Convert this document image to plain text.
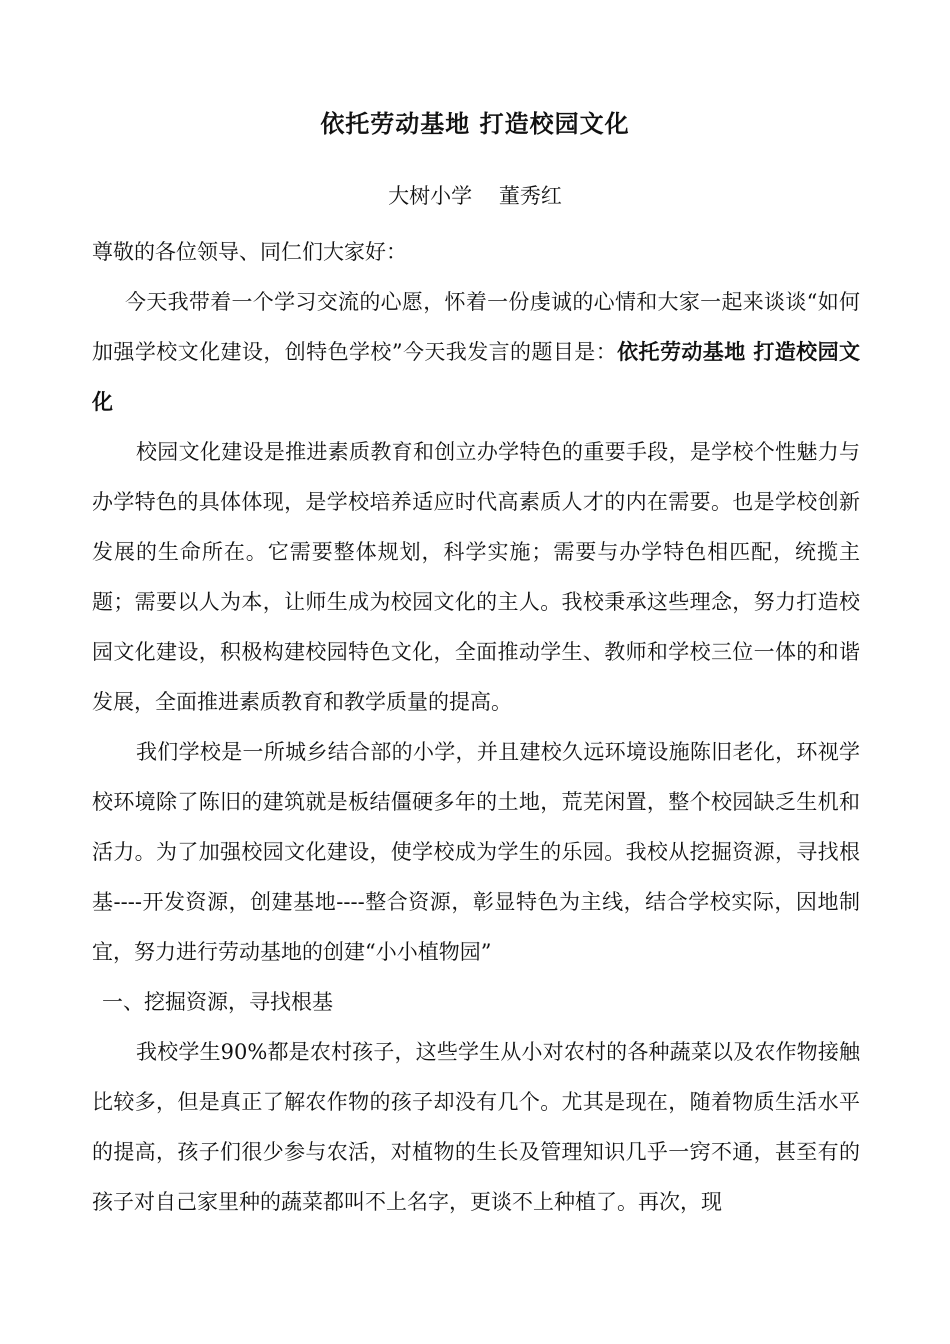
依托劳动基地 打造校园文化
大树小学    董秀红

尊敬的各位领导、同仁们大家好：

今天我带着一个学习交流的心愿，怀着一份虔诚的心情和大家一起来谈谈“如何加强学校文化建设，创特色学校”今天我发言的题目是：依托劳动基地 打造校园文化

校园文化建设是推进素质教育和创立办学特色的重要手段，是学校个性魅力与办学特色的具体体现，是学校培养适应时代高素质人才的内在需要。也是学校创新发展的生命所在。它需要整体规划，科学实施；需要与办学特色相匹配，统揽主题；需要以人为本，让师生成为校园文化的主人。我校秉承这些理念，努力打造校园文化建设，积极构建校园特色文化，全面推动学生、教师和学校三位一体的和谐发展，全面推进素质教育和教学质量的提高。

我们学校是一所城乡结合部的小学，并且建校久远环境设施陈旧老化，环视学校环境除了陈旧的建筑就是板结僵硬多年的土地，荒芜闲置，整个校园缺乏生机和活力。为了加强校园文化建设，使学校成为学生的乐园。我校从挖掘资源，寻找根基----开发资源，创建基地----整合资源，彰显特色为主线，结合学校实际，因地制宜，努力进行劳动基地的创建“小小植物园”

一、挖掘资源，寻找根基

我校学生90%都是农村孩子，这些学生从小对农村的各种蔬菜以及农作物接触比较多，但是真正了解农作物的孩子却没有几个。尤其是现在，随着物质生活水平的提高，孩子们很少参与农活，对植物的生长及管理知识几乎一窍不通，甚至有的孩子对自己家里种的蔬菜都叫不上名字，更谈不上种植了。再次，现
